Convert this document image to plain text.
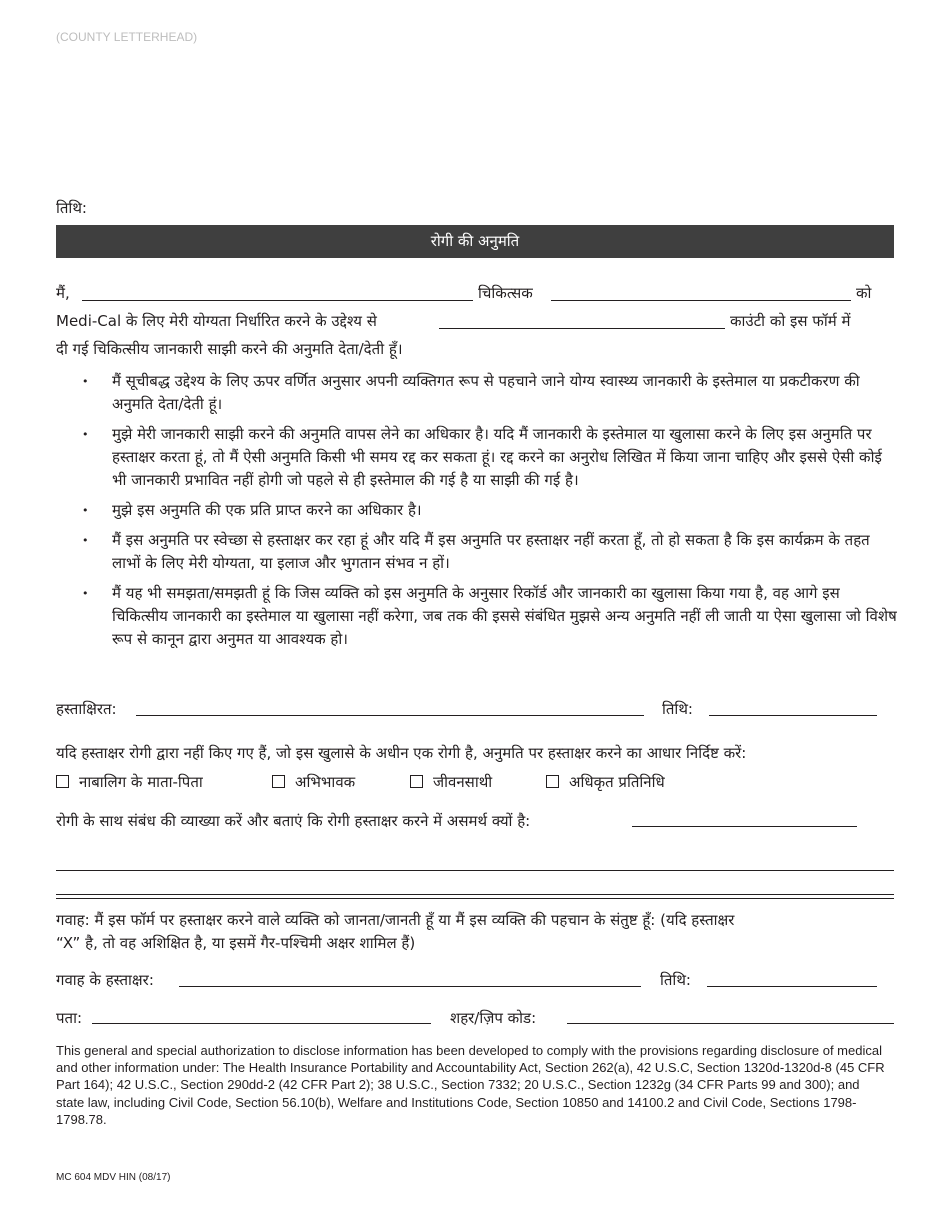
(COUNTY LETTERHEAD)
तिथि:
रोगी की अनुमति
मैं,	चिकित्सक	को
Medi-Cal के लिए मेरी योग्यता निर्धारित करने के उद्देश्य से	काउंटी को इस फॉर्म में
दी गई चिकित्सीय जानकारी साझी करने की अनुमति देता/देती हूँ।
• मैं सूचीबद्ध उद्देश्य के लिए ऊपर वर्णित अनुसार अपनी व्यक्तिगत रूप से पहचाने जाने योग्य स्वास्थ्य जानकारी के इस्तेमाल या प्रकटीकरण की अनुमति देता/देती हूं।
• मुझे मेरी जानकारी साझी करने की अनुमति वापस लेने का अधिकार है। यदि मैं जानकारी के इस्तेमाल या खुलासा करने के लिए इस अनुमति पर हस्ताक्षर करता हूं, तो मैं ऐसी अनुमति किसी भी समय रद्द कर सकता हूं। रद्द करने का अनुरोध लिखित में किया जाना चाहिए और इससे ऐसी कोई भी जानकारी प्रभावित नहीं होगी जो पहले से ही इस्तेमाल की गई है या साझी की गई है।
• मुझे इस अनुमति की एक प्रति प्राप्त करने का अधिकार है।
• मैं इस अनुमति पर स्वेच्छा से हस्ताक्षर कर रहा हूं और यदि मैं इस अनुमति पर हस्ताक्षर नहीं करता हूँ, तो हो सकता है कि इस कार्यक्रम के तहत लाभों के लिए मेरी योग्यता, या इलाज और भुगतान संभव न हों।
• मैं यह भी समझता/समझती हूं कि जिस व्यक्ति को इस अनुमति के अनुसार रिकॉर्ड और जानकारी का खुलासा किया गया है, वह आगे इस चिकित्सीय जानकारी का इस्तेमाल या खुलासा नहीं करेगा, जब तक की इससे संबंधित मुझसे अन्य अनुमति नहीं ली जाती या ऐसा खुलासा जो विशेष रूप से कानून द्वारा अनुमत या आवश्यक हो।
हस्ताक्षिरत:	तिथि:
यदि हस्ताक्षर रोगी द्वारा नहीं किए गए हैं, जो इस खुलासे के अधीन एक रोगी है, अनुमति पर हस्ताक्षर करने का आधार निर्दिष्ट करें:
नाबालिग के माता-पिता	अभिभावक	जीवनसाथी	अधिकृत प्रतिनिधि
रोगी के साथ संबंध की व्याख्या करें और बताएं कि रोगी हस्ताक्षर करने में असमर्थ क्यों है:
गवाह: मैं इस फॉर्म पर हस्ताक्षर करने वाले व्यक्ति को जानता/जानती हूँ या मैं इस व्यक्ति की पहचान के संतुष्ट हूँ: (यदि हस्ताक्षर
“X” है, तो वह अशिक्षित है, या इसमें गैर-पश्चिमी अक्षर शामिल हैं)
गवाह के हस्ताक्षर:	तिथि:
पता:	शहर/ज़िप कोड:
This general and special authorization to disclose information has been developed to comply with the provisions regarding disclosure of medical and other information under: The Health Insurance Portability and Accountability Act, Section 262(a), 42 U.S.C, Section 1320d-1320d-8 (45 CFR Part 164); 42 U.S.C., Section 290dd-2 (42 CFR Part 2); 38 U.S.C., Section 7332; 20 U.S.C., Section 1232g (34 CFR Parts 99 and 300); and state law, including Civil Code, Section 56.10(b), Welfare and Institutions Code, Section 10850 and 14100.2 and Civil Code, Sections 1798-1798.78.
MC 604 MDV HIN (08/17)
